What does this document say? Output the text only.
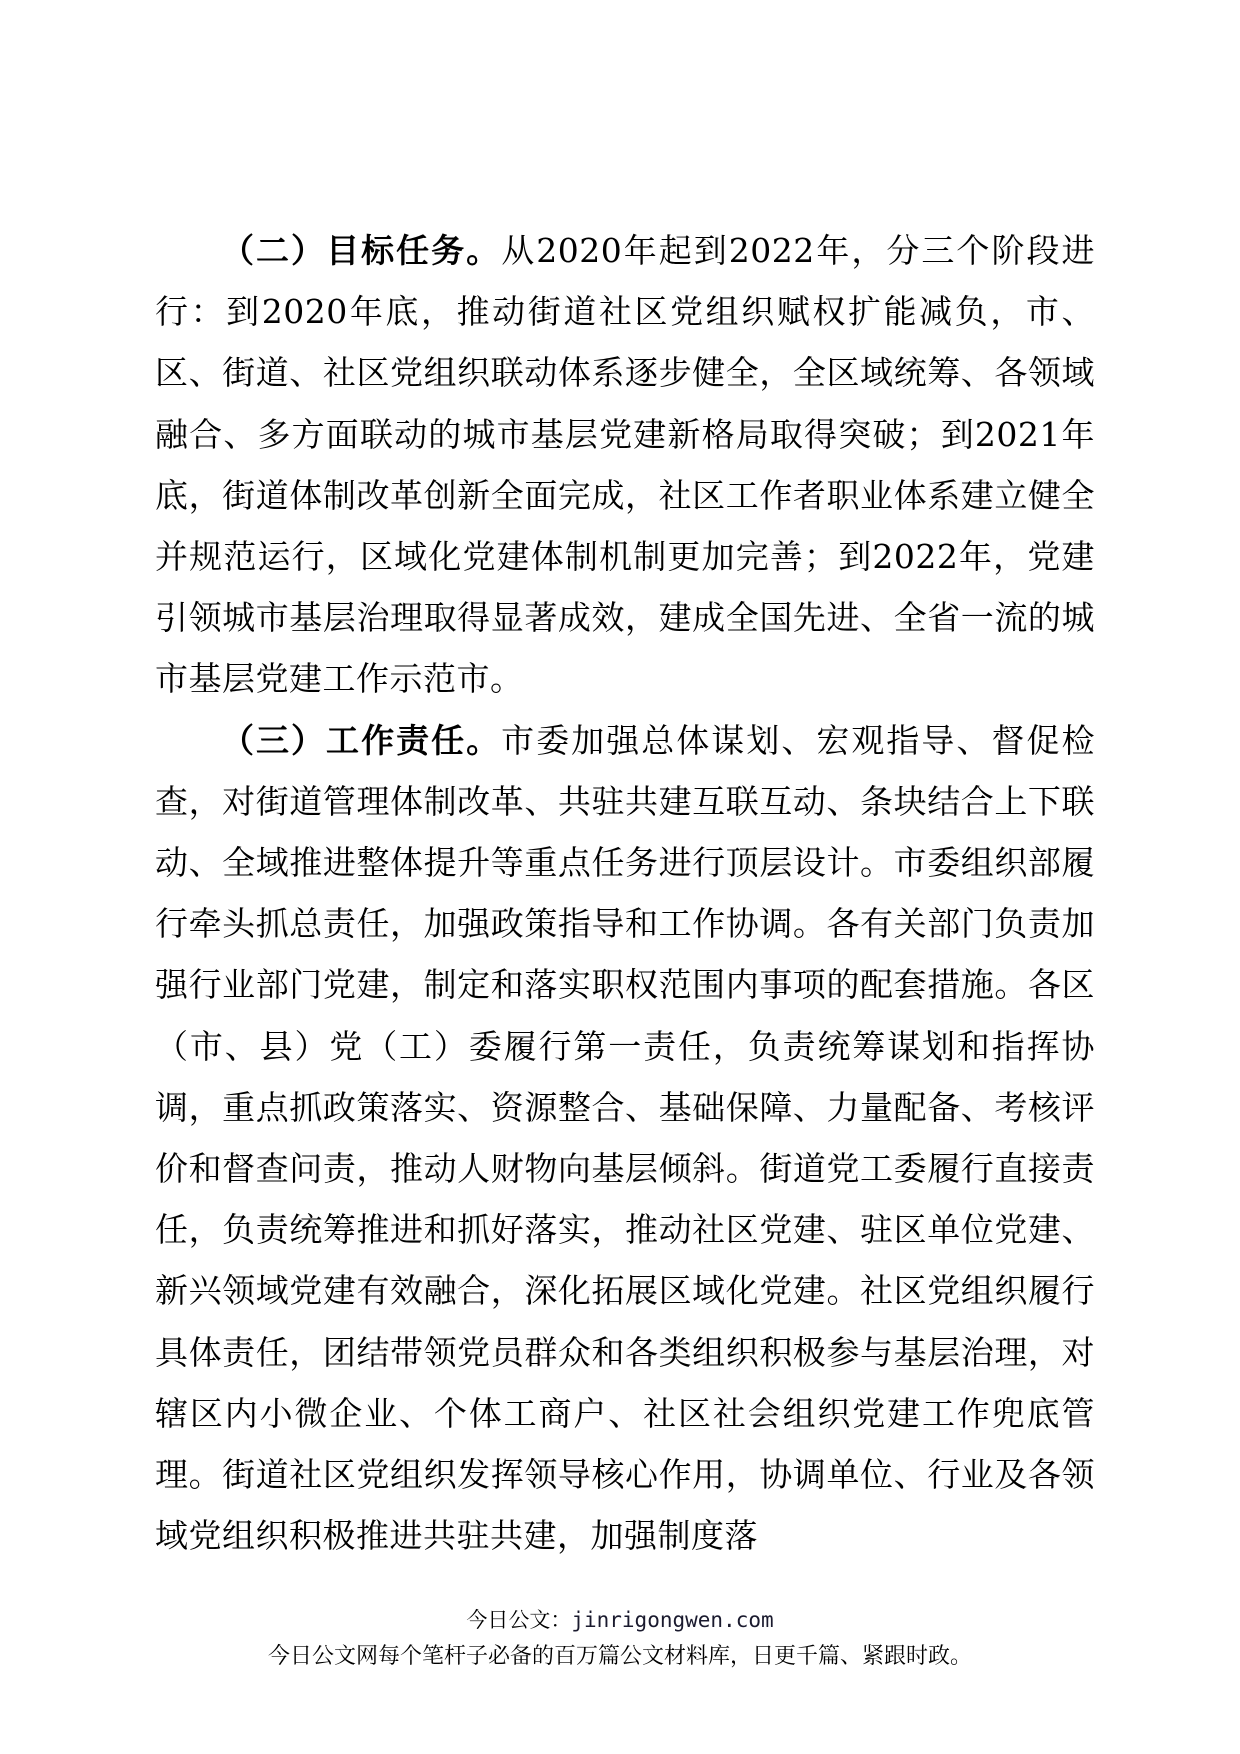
（二）目标任务。从2020年起到2022年，分三个阶段进行：到2020年底，推动街道社区党组织赋权扩能减负，市、区、街道、社区党组织联动体系逐步健全，全区域统筹、各领域融合、多方面联动的城市基层党建新格局取得突破；到2021年底，街道体制改革创新全面完成，社区工作者职业体系建立健全并规范运行，区域化党建体制机制更加完善；到2022年，党建引领城市基层治理取得显著成效，建成全国先进、全省一流的城市基层党建工作示范市。

（三）工作责任。市委加强总体谋划、宏观指导、督促检查，对街道管理体制改革、共驻共建互联互动、条块结合上下联动、全域推进整体提升等重点任务进行顶层设计。市委组织部履行牵头抓总责任，加强政策指导和工作协调。各有关部门负责加强行业部门党建，制定和落实职权范围内事项的配套措施。各区（市、县）党（工）委履行第一责任，负责统筹谋划和指挥协调，重点抓政策落实、资源整合、基础保障、力量配备、考核评价和督查问责，推动人财物向基层倾斜。街道党工委履行直接责任，负责统筹推进和抓好落实，推动社区党建、驻区单位党建、新兴领域党建有效融合，深化拓展区域化党建。社区党组织履行具体责任，团结带领党员群众和各类组织积极参与基层治理，对辖区内小微企业、个体工商户、社区社会组织党建工作兜底管理。街道社区党组织发挥领导核心作用，协调单位、行业及各领域党组织积极推进共驻共建，加强制度落

今日公文：jinrigongwen.com
今日公文网每个笔杆子必备的百万篇公文材料库，日更千篇、紧跟时政。
